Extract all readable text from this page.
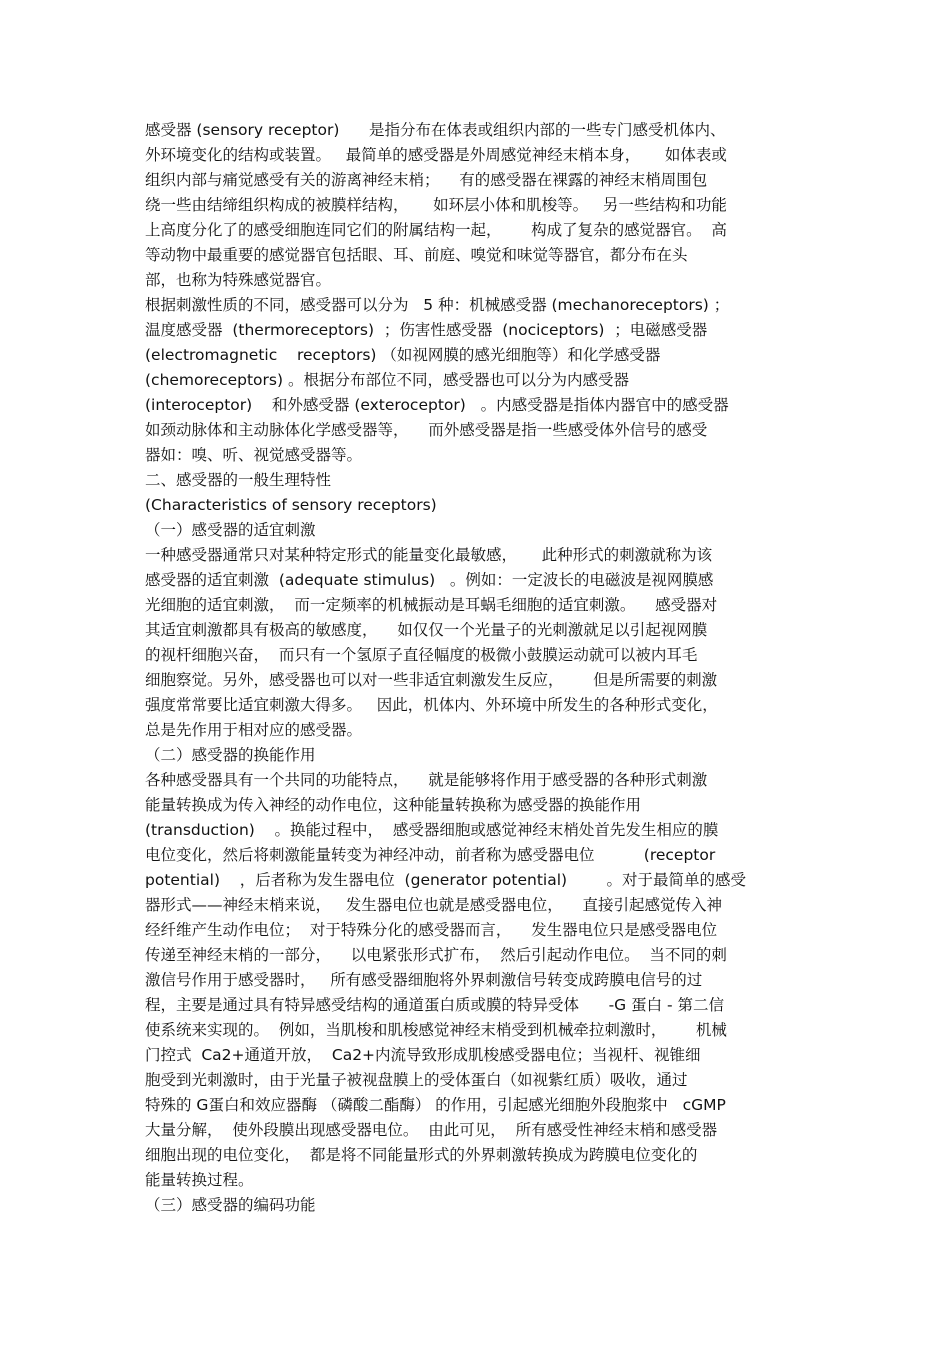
感受器 (sensory receptor)      是指分布在体表或组织内部的一些专门感受机体内、
外环境变化的结构或装置。   最简单的感受器是外周感觉神经末梢本身，     如体表或
组织内部与痛觉感受有关的游离神经末梢；    有的感受器在裸露的神经末梢周围包
绕一些由结缔组织构成的被膜样结构，     如环层小体和肌梭等。   另一些结构和功能
上高度分化了的感受细胞连同它们的附属结构一起，      构成了复杂的感觉器官。  高
等动物中最重要的感觉器官包括眼、耳、前庭、嗅觉和味觉等器官，都分布在头
部，也称为特殊感觉器官。
根据刺激性质的不同，感受器可以分为   5 种：机械感受器 (mechanoreceptors) ；
温度感受器  (thermoreceptors)  ；伤害性感受器  (nociceptors)  ；电磁感受器
(electromagnetic    receptors) （如视网膜的感光细胞等）和化学感受器
(chemoreceptors) 。根据分布部位不同，感受器也可以分为内感受器
(interoceptor)    和外感受器 (exteroceptor)   。内感受器是指体内器官中的感受器
如颈动脉体和主动脉体化学感受器等，    而外感受器是指一些感受体外信号的感受
器如：嗅、听、视觉感受器等。
二、感受器的一般生理特性
(Characteristics of sensory receptors)
（一）感受器的适宜刺激
一种感受器通常只对某种特定形式的能量变化最敏感，     此种形式的刺激就称为该
感受器的适宜刺激  (adequate stimulus)   。例如：一定波长的电磁波是视网膜感
光细胞的适宜刺激，  而一定频率的机械振动是耳蜗毛细胞的适宜刺激。    感受器对
其适宜刺激都具有极高的敏感度，    如仅仅一个光量子的光刺激就足以引起视网膜
的视杆细胞兴奋，  而只有一个氢原子直径幅度的极微小鼓膜运动就可以被内耳毛
细胞察觉。另外，感受器也可以对一些非适宜刺激发生反应，      但是所需要的刺激
强度常常要比适宜刺激大得多。   因此，机体内、外环境中所发生的各种形式变化，
总是先作用于相对应的感受器。
（二）感受器的换能作用
各种感受器具有一个共同的功能特点，    就是能够将作用于感受器的各种形式刺激
能量转换成为传入神经的动作电位，这种能量转换称为感受器的换能作用
(transduction)    。换能过程中，  感受器细胞或感觉神经末梢处首先发生相应的膜
电位变化，然后将刺激能量转变为神经冲动，前者称为感受器电位          (receptor
potential)    ，后者称为发生器电位  (generator potential)        。对于最简单的感受
器形式——神经末梢来说，   发生器电位也就是感受器电位，    直接引起感觉传入神
经纤维产生动作电位；  对于特殊分化的感受器而言，    发生器电位只是感受器电位
传递至神经末梢的一部分，    以电紧张形式扩布，  然后引起动作电位。  当不同的刺
激信号作用于感受器时，   所有感受器细胞将外界刺激信号转变成跨膜电信号的过
程，主要是通过具有特异感受结构的通道蛋白质或膜的特异受体      -G 蛋白 - 第二信
使系统来实现的。  例如，当肌梭和肌梭感觉神经末梢受到机械牵拉刺激时，      机械
门控式  Ca2+通道开放，  Ca2+内流导致形成肌梭感受器电位；当视杆、视锥细
胞受到光刺激时，由于光量子被视盘膜上的受体蛋白（如视紫红质）吸收，通过
特殊的 G蛋白和效应器酶 （磷酸二酯酶） 的作用，引起感光细胞外段胞浆中   cGMP
大量分解，  使外段膜出现感受器电位。  由此可见，  所有感受性神经末梢和感受器
细胞出现的电位变化，  都是将不同能量形式的外界刺激转换成为跨膜电位变化的
能量转换过程。
（三）感受器的编码功能
